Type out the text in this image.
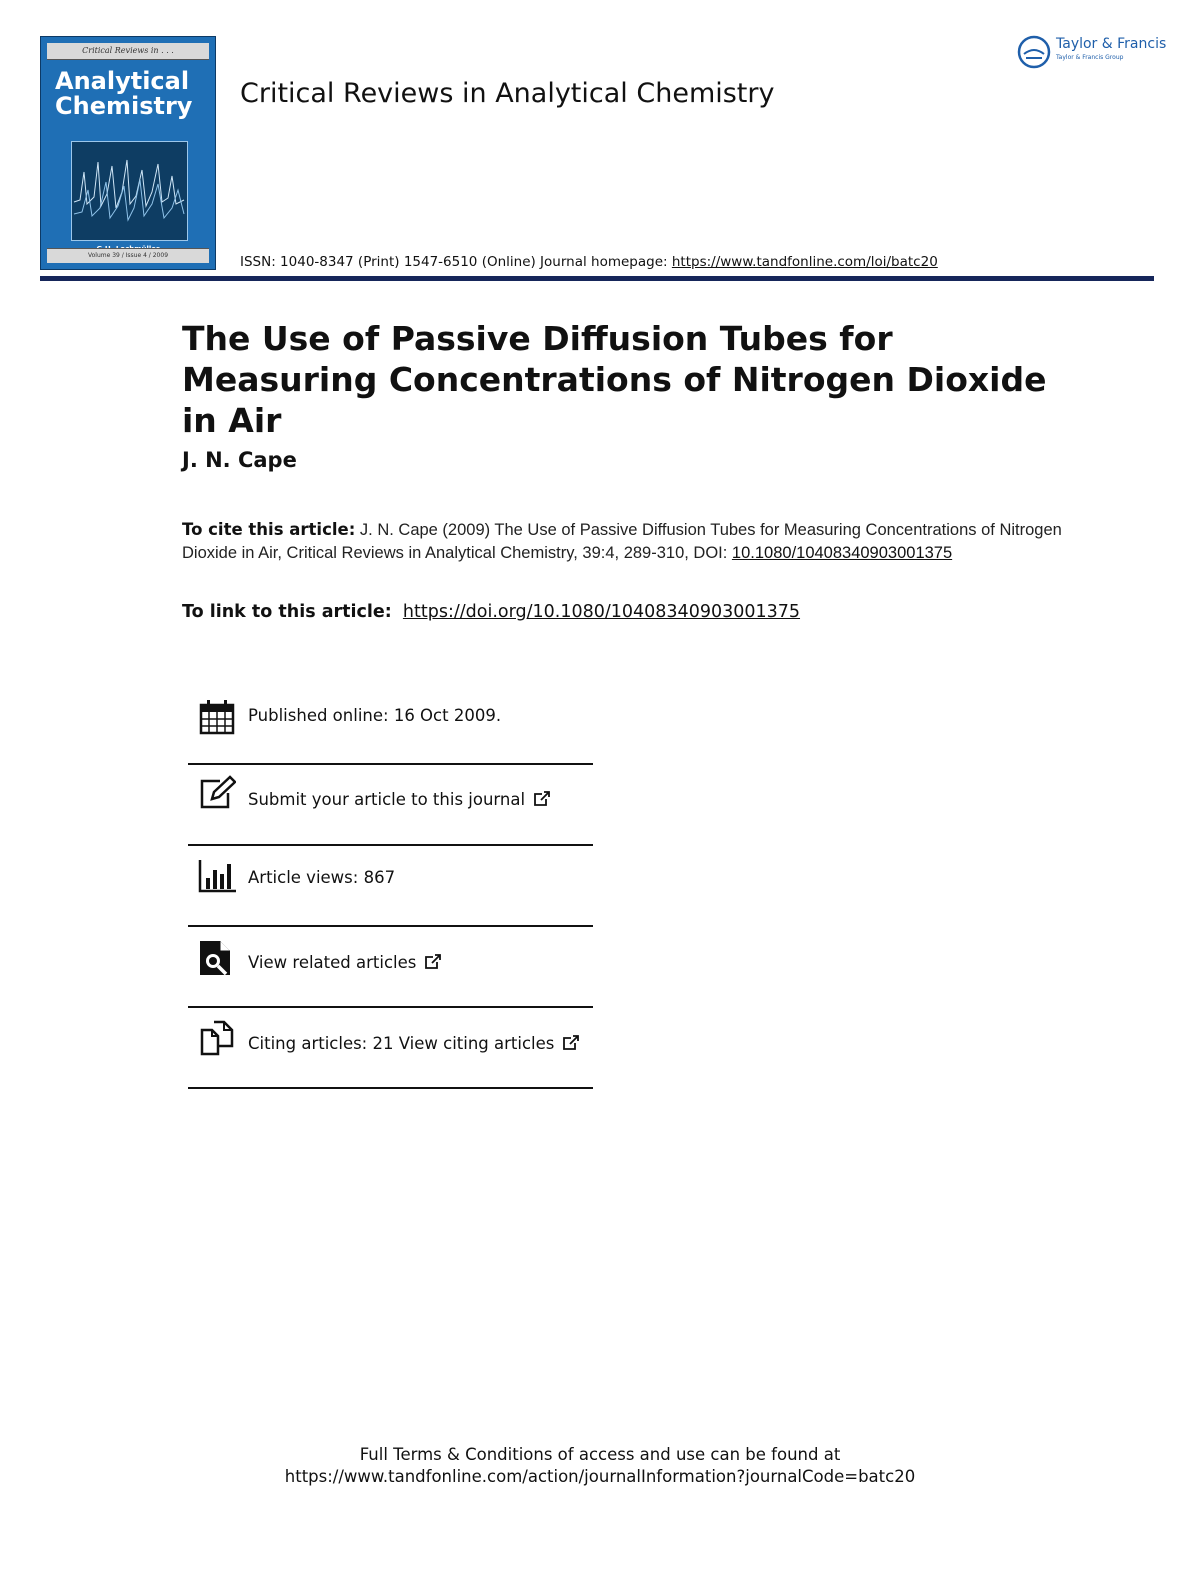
Critical Reviews in . . .
Analytical Chemistry
Volume 39 / Issue 4 / 2009
Critical Reviews in Analytical Chemistry
ISSN: 1040-8347 (Print) 1547-6510 (Online) Journal homepage: https://www.tandfonline.com/loi/batc20
Taylor & Francis
Taylor & Francis Group
The Use of Passive Diffusion Tubes for Measuring Concentrations of Nitrogen Dioxide in Air
J. N. Cape
To cite this article: J. N. Cape (2009) The Use of Passive Diffusion Tubes for Measuring Concentrations of Nitrogen Dioxide in Air, Critical Reviews in Analytical Chemistry, 39:4, 289-310, DOI: 10.1080/10408340903001375
To link to this article: https://doi.org/10.1080/10408340903001375
Published online: 16 Oct 2009.
Submit your article to this journal
Article views: 867
View related articles
Citing articles: 21 View citing articles
Full Terms & Conditions of access and use can be found at
https://www.tandfonline.com/action/journalInformation?journalCode=batc20
